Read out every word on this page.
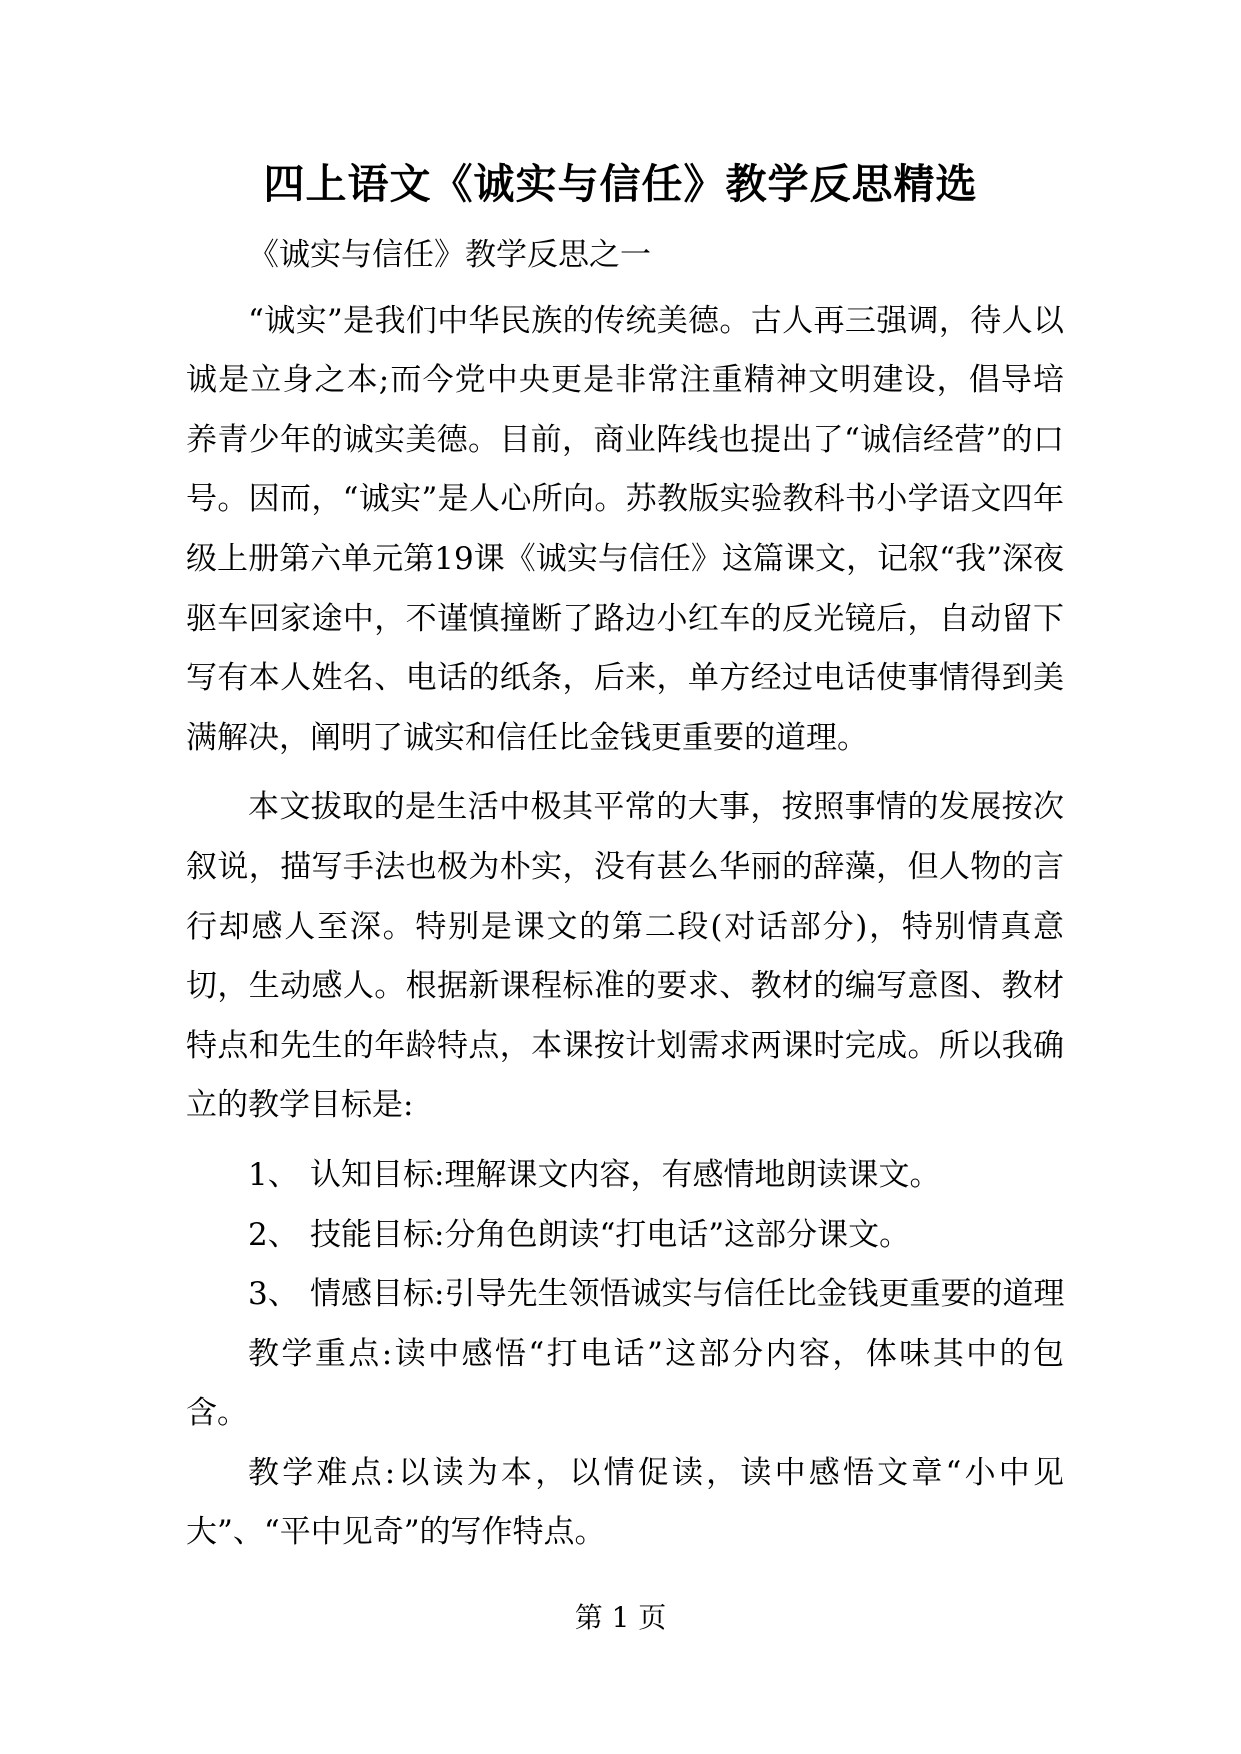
四上语文《诚实与信任》教学反思精选

《诚实与信任》教学反思之一

“诚实”是我们中华民族的传统美德。古人再三强调，待人以诚是立身之本;而今党中央更是非常注重精神文明建设，倡导培养青少年的诚实美德。目前，商业阵线也提出了“诚信经营”的口号。因而，“诚实”是人心所向。苏教版实验教科书小学语文四年级上册第六单元第19课《诚实与信任》这篇课文，记叙“我”深夜驱车回家途中，不谨慎撞断了路边小红车的反光镜后，自动留下写有本人姓名、电话的纸条，后来，单方经过电话使事情得到美满解决，阐明了诚实和信任比金钱更重要的道理。

本文拔取的是生活中极其平常的大事，按照事情的发展按次叙说，描写手法也极为朴实，没有甚么华丽的辞藻，但人物的言行却感人至深。特别是课文的第二段(对话部分)，特别情真意切，生动感人。根据新课程标准的要求、教材的编写意图、教材特点和先生的年龄特点，本课按计划需求两课时完成。所以我确立的教学目标是:

1、 认知目标:理解课文内容，有感情地朗读课文。
2、 技能目标:分角色朗读“打电话”这部分课文。
3、 情感目标:引导先生领悟诚实与信任比金钱更重要的道理

教学重点:读中感悟“打电话”这部分内容，体味其中的包含。

教学难点:以读为本，以情促读，读中感悟文章“小中见大”、“平中见奇”的写作特点。

第 1 页
